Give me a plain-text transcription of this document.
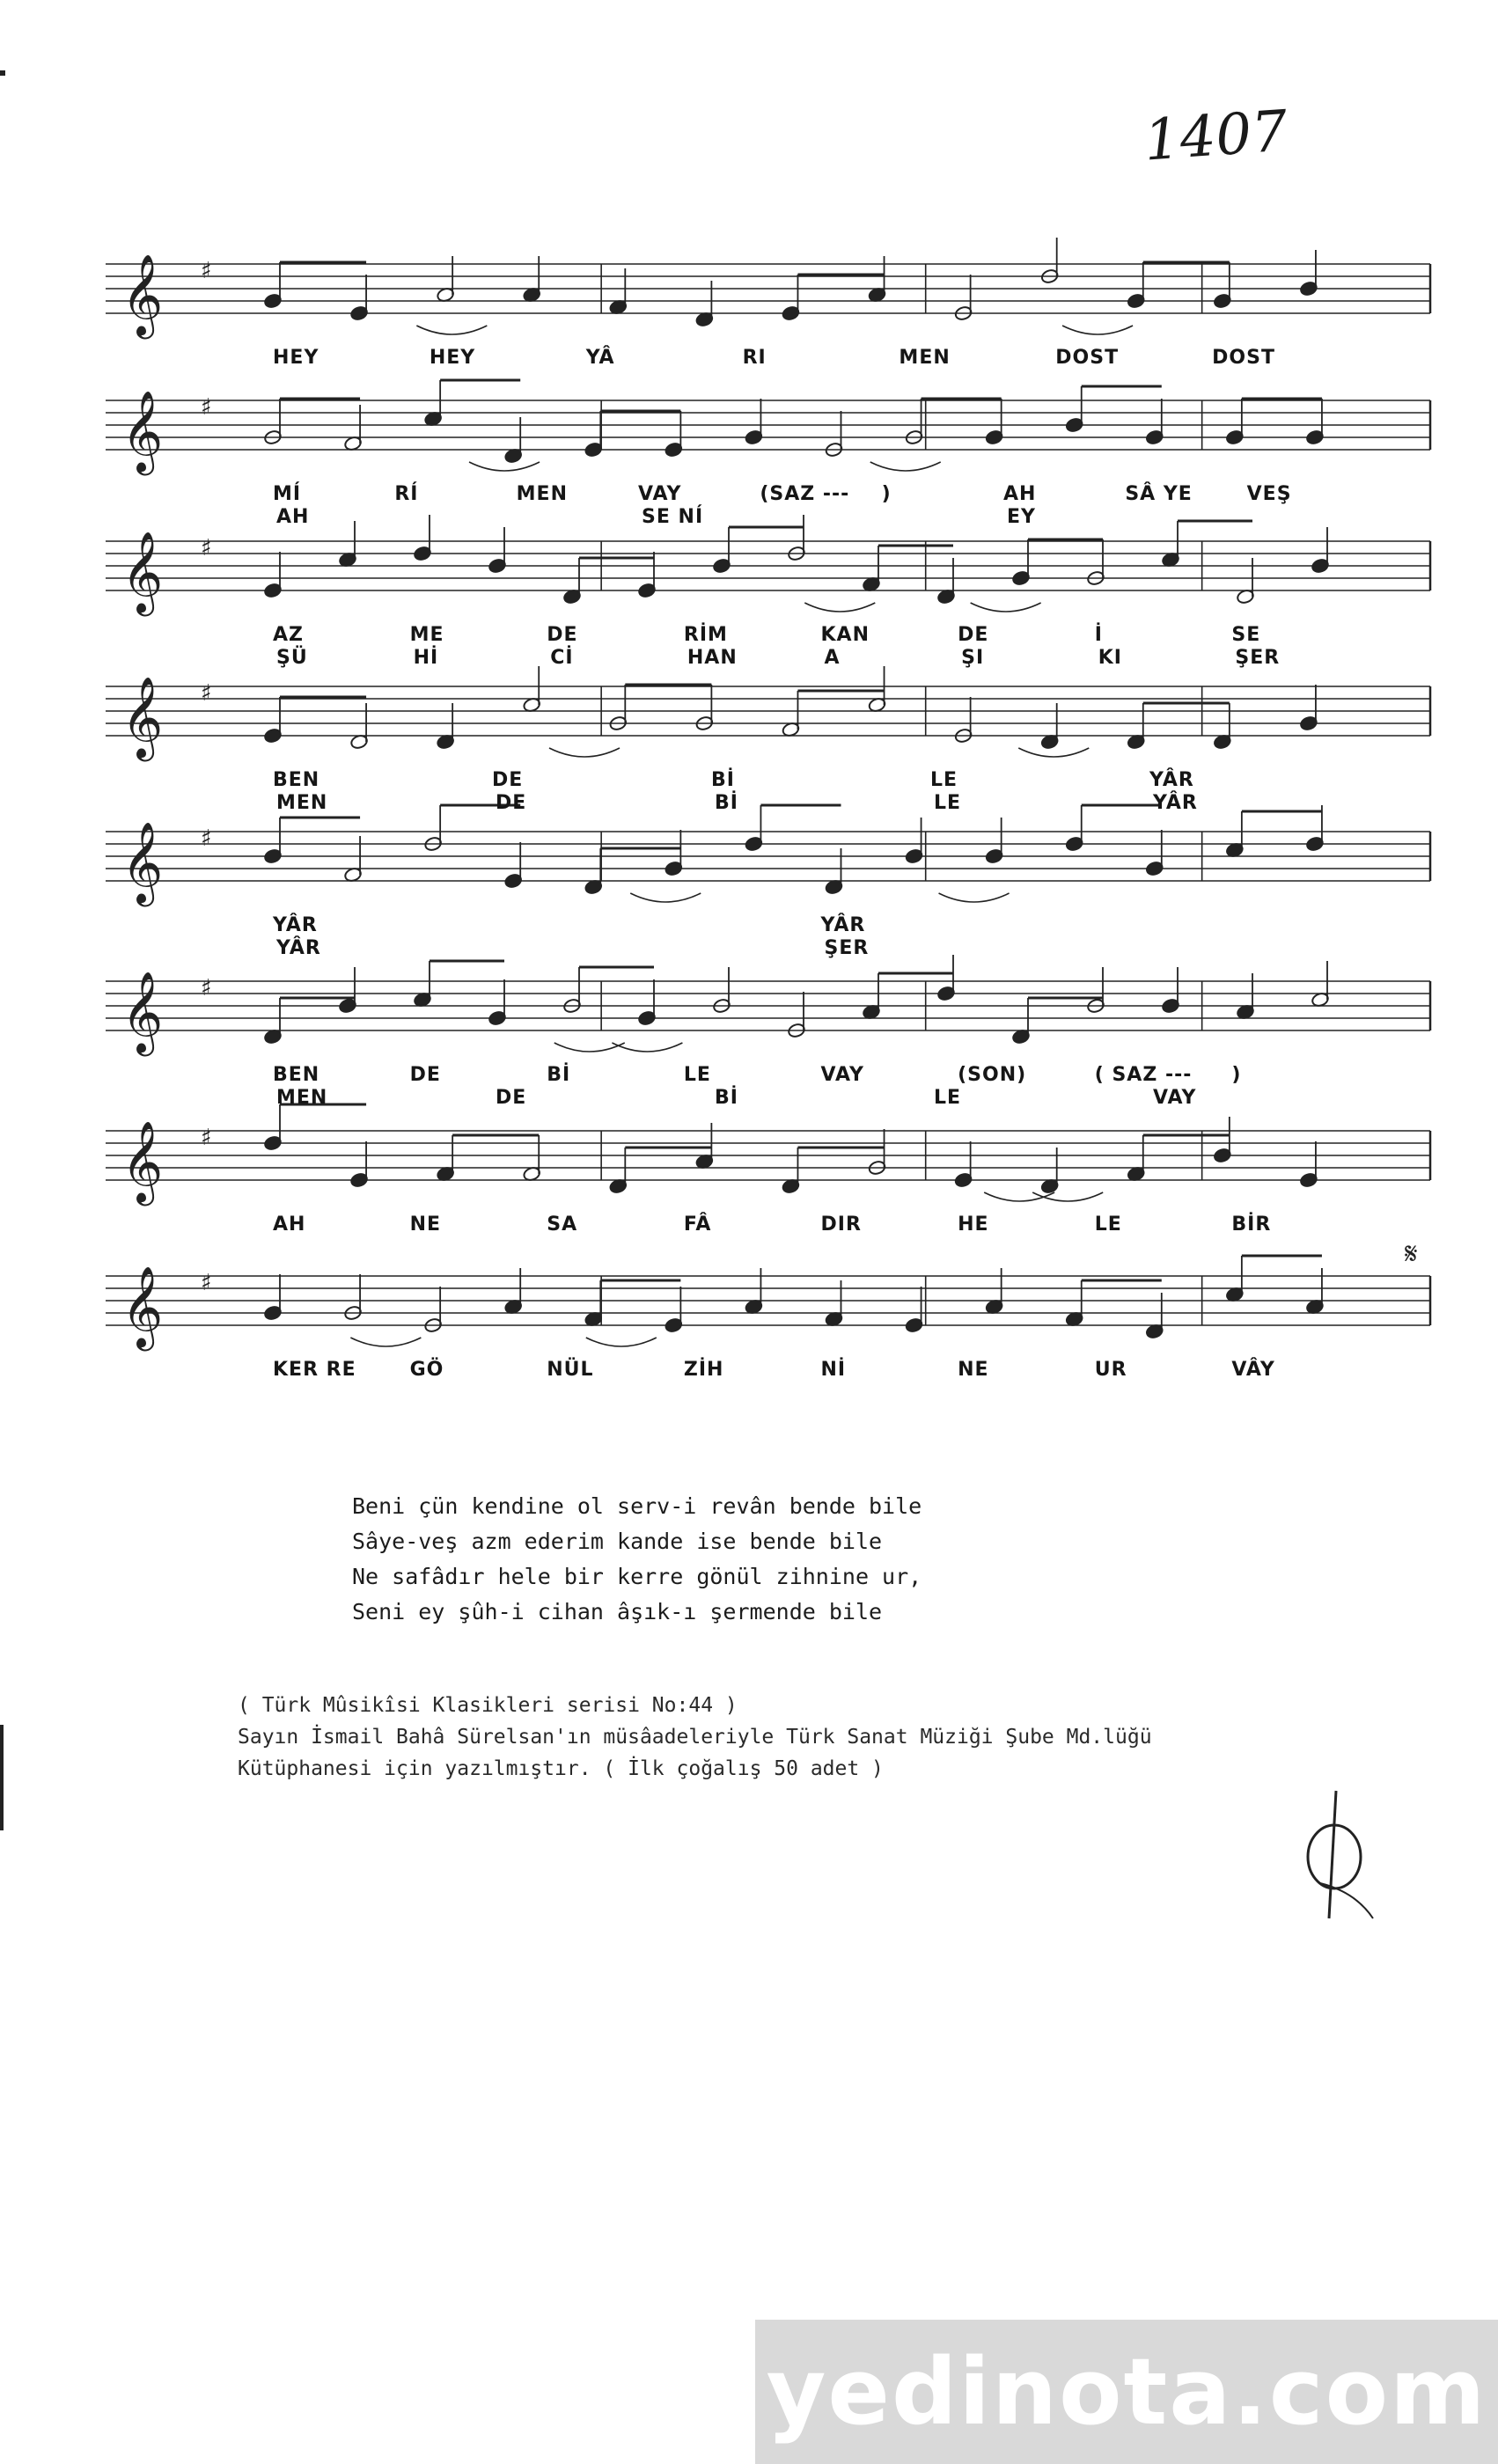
1407
𝄞 ♯
𝄞 ♯
𝄞 ♯
𝄞 ♯
𝄞 ♯
𝄞 ♯
𝄞 ♯
𝄞 ♯
𝄋
HEY	HEY	YÂ	RI	MEN	DOST	DOST
MÍ	RÍ	MEN	VAY	(SAZ --- )	AH	SÂ YE	VEŞ
AH	SE NÍ	EY
AZ	ME	DE	RİM	KAN	DE	İ	SE
ŞÜ	Hİ	Cİ	HAN	A	ŞI	KI	ŞER
BEN	DE	Bİ	LE	YÂR
MEN	DE	Bİ	LE	YÂR
YÂR	YÂR
YÂR	ŞER
BEN	DE	Bİ	LE	VAY	(SON)	( SAZ --- )
MEN	DE	Bİ	LE	VAY
AH	NE	SA	FÂ	DIR	HE	LE	BİR
KER RE	GÖ	NÜL	ZİH	Nİ	NE	UR	VÂY
Beni çün kendine ol serv-i revân bende bile
Sâye-veş azm ederim kande ise bende bile
Ne safâdır hele bir kerre gönül zihnine ur,
Seni ey şûh-i cihan âşık-ı şermende bile
( Türk Mûsikîsi Klasikleri serisi No:44 )
Sayın İsmail Bahâ Sürelsan'ın müsâadeleriyle Türk Sanat Müziği Şube Md.lüğü
Kütüphanesi için yazılmıştır. ( İlk çoğalış 50 adet )
yedinota.com
